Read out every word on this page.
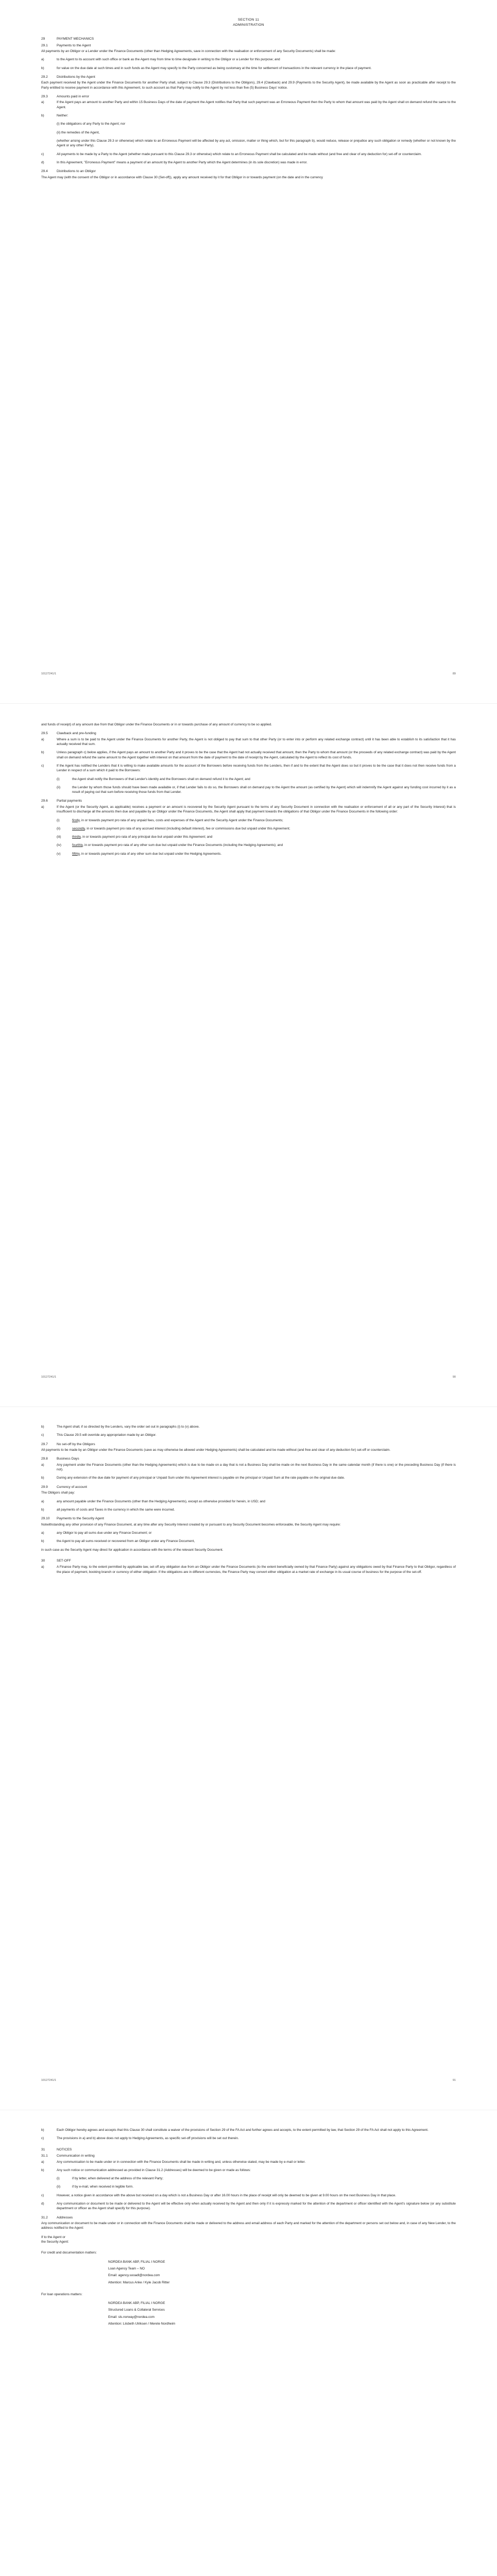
SECTION 11
ADMINISTRATION
29	PAYMENT MECHANICS
29.1	Payments to the Agent

All payments by an Obligor or a Lender under the Finance Documents (other than Hedging Agreements, save in connection with the realisation or enforcement of any Security Documents) shall be made:

a)	to the Agent to its account with such office or bank as the Agent may from time to time designate in writing to the Obligor or a Lender for this purpose; and
b)	for value on the due date at such times and in such funds as the Agent may specify to the Party concerned as being customary at the time for settlement of transactions in the relevant currency in the place of payment.
29.2	Distributions by the Agent

Each payment received by the Agent under the Finance Documents for another Party shall, subject to Clause 29.3 (Distributions to the Obligors), 29.4 (Clawback) and 29.9 (Payments to the Security Agent), be made available by the Agent as soon as practicable after receipt to the Party entitled to receive payment in accordance with this Agreement, to such account as that Party may notify to the Agent by not less than five (5) Business Days' notice.

29.3	Amounts paid in error
a)	If the Agent pays an amount to another Party and within 15 Business Days of the date of payment the Agent notifies that Party that such payment was an Erroneous Payment then the Party to whom that amount was paid by the Agent shall on demand refund the same to the Agent.
b)	Neither:

(i) the obligations of any Party to the Agent; nor

(ii) the remedies of the Agent,

(whether arising under this Clause 29.3 or otherwise) which relate to an Erroneous Payment will be affected by any act, omission, matter or thing which, but for this paragraph b), would reduce, release or prejudice any such obligation or remedy (whether or not known by the Agent or any other Party).

c)	All payments to be made by a Party to the Agent (whether made pursuant to this Clause 29.3 or otherwise) which relate to an Erroneous Payment shall be calculated and be made without (and free and clear of any deduction for) set-off or counterclaim.
d)	In this Agreement, "Erroneous Payment" means a payment of an amount by the Agent to another Party which the Agent determines (in its sole discretion) was made in error.
29.4	Distributions to an Obligor

The Agent may (with the consent of the Obligor or in accordance with Clause 30 (Set-off)), apply any amount received by it for that Obligor in or towards payment (on the date and in the currency

10127241/1	89

and funds of receipt) of any amount due from that Obligor under the Finance Documents or in or towards purchase of any amount of currency to be so applied.

29.5	Clawback and pre-funding
a)	Where a sum is to be paid to the Agent under the Finance Documents for another Party, the Agent is not obliged to pay that sum to that other Party (or to enter into or perform any related exchange contract) until it has been able to establish to its satisfaction that it has actually received that sum.
b)	Unless paragraph c) below applies, if the Agent pays an amount to another Party and it proves to be the case that the Agent had not actually received that amount, then the Party to whom that amount (or the proceeds of any related exchange contract) was paid by the Agent shall on demand refund the same amount to the Agent together with interest on that amount from the date of payment to the date of receipt by the Agent, calculated by the Agent to reflect its cost of funds.
c)	If the Agent has notified the Lenders that it is willing to make available amounts for the account of the Borrowers before receiving funds from the Lenders, then if and to the extent that the Agent does so but it proves to be the case that it does not then receive funds from a Lender in respect of a sum which it paid to the Borrowers:
(i)	the Agent shall notify the Borrowers of that Lender's identity and the Borrowers shall on demand refund it to the Agent; and
(ii)	the Lender by whom those funds should have been made available or, if that Lender fails to do so, the Borrowers shall on demand pay to the Agent the amount (as certified by the Agent) which will indemnify the Agent against any funding cost incurred by it as a result of paying out that sum before receiving those funds from that Lender.
29.6	Partial payments
a)	If the Agent (or the Security Agent, as applicable) receives a payment or an amount is recovered by the Security Agent pursuant to the terms of any Security Document in connection with the realisation or enforcement of all or any part of the Security Interest) that is insufficient to discharge all the amounts then due and payable by an Obligor under the Finance Documents, the Agent shall apply that payment towards the obligations of that Obligor under the Finance Documents in the following order:
(i)	firstly, in or towards payment pro rata of any unpaid fees, costs and expenses of the Agent and the Security Agent under the Finance Documents;
(ii)	secondly, in or towards payment pro rata of any accrued interest (including default interest), fee or commissions due but unpaid under this Agreement;
(iii)	thirdly, in or towards payment pro rata of any principal due but unpaid under this Agreement; and
(iv)	fourthly, in or towards payment pro rata of any other sum due but unpaid under the Finance Documents (including the Hedging Agreements); and
(v)	fifthly, in or towards payment pro rata of any other sum due but unpaid under the Hedging Agreements.
10127241/1	90
b)	The Agent shall, if so directed by the Lenders, vary the order set out in paragraphs (i) to (v) above.
c)	This Clause 29.5 will override any appropriation made by an Obligor.
29.7	No set-off by the Obligors

All payments to be made by an Obligor under the Finance Documents (save as may otherwise be allowed under Hedging Agreements) shall be calculated and be made without (and free and clear of any deduction for) set-off or counterclaim.

29.8	Business Days
a)	Any payment under the Finance Documents (other than the Hedging Agreements) which is due to be made on a day that is not a Business Day shall be made on the next Business Day in the same calendar month (if there is one) or the preceding Business Day (if there is not).
b)	During any extension of the due date for payment of any principal or Unpaid Sum under this Agreement interest is payable on the principal or Unpaid Sum at the rate payable on the original due date.
29.9	Currency of account

The Obligors shall pay:

a)	any amount payable under the Finance Documents (other than the Hedging Agreements), except as otherwise provided for herein, in USD; and
b)	all payments of costs and Taxes in the currency in which the same were incurred.
29.10	Payments to the Security Agent

Notwithstanding any other provision of any Finance Document, at any time after any Security Interest created by or pursuant to any Security Document becomes enforceable, the Security Agent may require:

a)	any Obligor to pay all sums due under any Finance Document; or
b)	the Agent to pay all sums received or recovered from an Obligor under any Finance Document,

in such case as the Security Agent may direct for application in accordance with the terms of the relevant Security Document.

30	SET-OFF
a)	A Finance Party may, to the extent permitted by applicable law, set off any obligation due from an Obligor under the Finance Documents (to the extent beneficially owned by that Finance Party) against any obligations owed by that Finance Party to that Obligor, regardless of the place of payment, booking branch or currency of either obligation. If the obligations are in different currencies, the Finance Party may convert either obligation at a market rate of exchange in its usual course of business for the purpose of the set-off.
10127241/1	91
b)	Each Obligor hereby agrees and accepts that this Clause 30 shall constitute a waiver of the provisions of Section 29 of the FA Act and further agrees and accepts, to the extent permitted by law, that Section 29 of the FA Act shall not apply to this Agreement.
c)	The provisions in a) and b) above does not apply to Hedging Agreements, as specific set-off provisions will be set out therein.
31	NOTICES
31.1	Communication in writing
a)	Any communication to be made under or in connection with the Finance Documents shall be made in writing and, unless otherwise stated, may be made by e-mail or letter.
b)	Any such notice or communication addressed as provided in Clause 31.2 (Addresses) will be deemed to be given or made as follows:
(i)	if by letter, when delivered at the address of the relevant Party;
(ii)	if by e-mail, when received in legible form.
c)	However, a notice given in accordance with the above but received on a day which is not a Business Day or after 16.00 hours in the place of receipt will only be deemed to be given at 9.00 hours on the next Business Day in that place.
d)	Any communication or document to be made or delivered to the Agent will be effective only when actually received by the Agent and then only if it is expressly marked for the attention of the department or officer identified with the Agent's signature below (or any substitute department or officer as the Agent shall specify for this purpose).
31.2	Addresses

Any communication or document to be made under or in connection with the Finance Documents shall be made or delivered to the address and email address of each Party and marked for the attention of the department or persons set out below and, in case of any New Lender, to the address notified to the Agent:

If to the Agent or

the Security Agent:

For credit and documentation matters:

NORDEA BANK ABP, FILIAL I NORGE

Loan Agency Team – NO

Email: agency.sooadl@nordea.com

Attention: Marcus Anke / Kyle Jacob Ritter

For loan operations matters:

NORDEA BANK ABP, FILIAL I NORGE

Structured Loans & Collateral Services

Email: sls.norway@nordea.com

Attention: Liisbeth Ulriksen / Merete Nordheim
